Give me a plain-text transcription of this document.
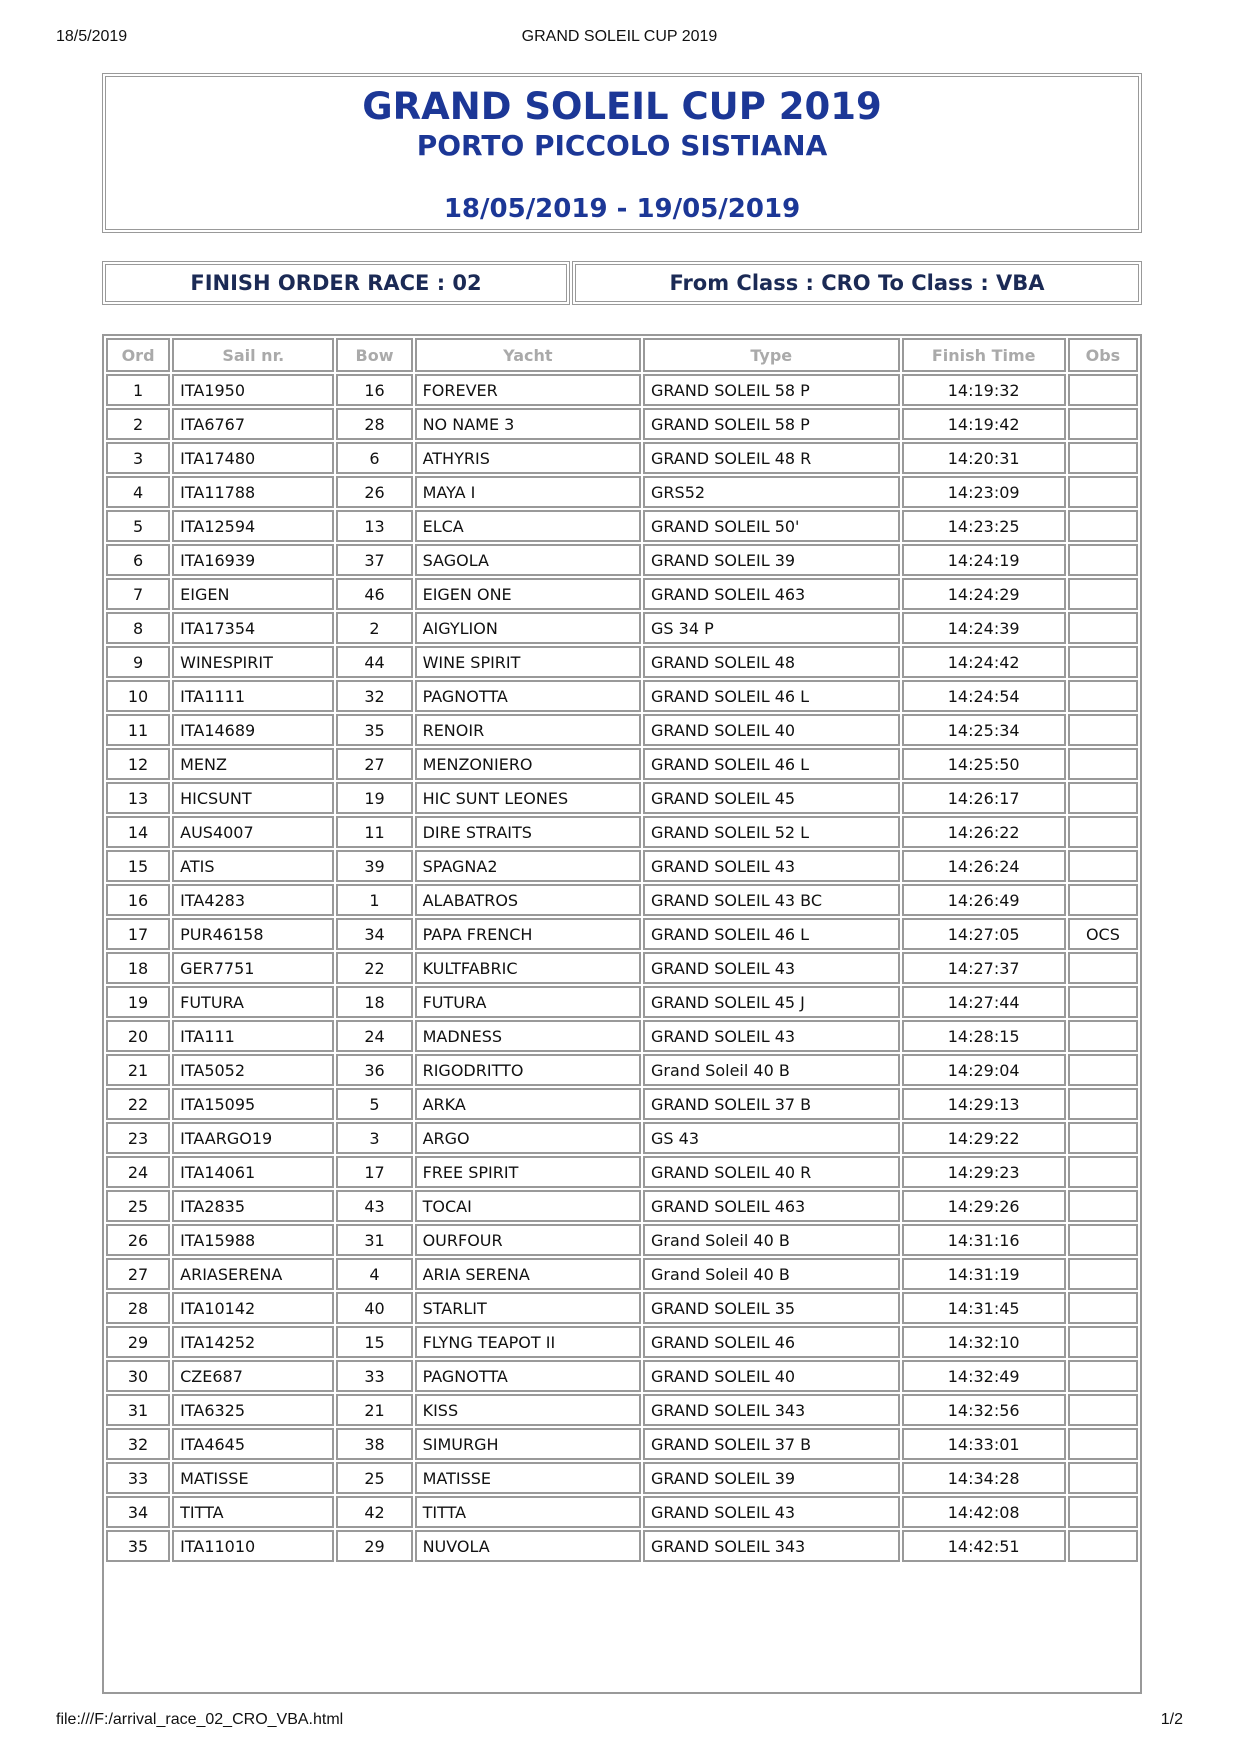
18/5/2019	GRAND SOLEIL CUP 2019
GRAND SOLEIL CUP 2019
PORTO PICCOLO SISTIANA
18/05/2019 - 19/05/2019
FINISH ORDER RACE : 02	From Class : CRO To Class : VBA
Ord	Sail nr.	Bow	Yacht	Type	Finish Time	Obs
1	ITA1950	16	FOREVER	GRAND SOLEIL 58 P	14:19:32	
2	ITA6767	28	NO NAME 3	GRAND SOLEIL 58 P	14:19:42	
3	ITA17480	6	ATHYRIS	GRAND SOLEIL 48 R	14:20:31	
4	ITA11788	26	MAYA I	GRS52	14:23:09	
5	ITA12594	13	ELCA	GRAND SOLEIL 50'	14:23:25	
6	ITA16939	37	SAGOLA	GRAND SOLEIL 39	14:24:19	
7	EIGEN	46	EIGEN ONE	GRAND SOLEIL 463	14:24:29	
8	ITA17354	2	AIGYLION	GS 34 P	14:24:39	
9	WINESPIRIT	44	WINE SPIRIT	GRAND SOLEIL 48	14:24:42	
10	ITA1111	32	PAGNOTTA	GRAND SOLEIL 46 L	14:24:54	
11	ITA14689	35	RENOIR	GRAND SOLEIL 40	14:25:34	
12	MENZ	27	MENZONIERO	GRAND SOLEIL 46 L	14:25:50	
13	HICSUNT	19	HIC SUNT LEONES	GRAND SOLEIL 45	14:26:17	
14	AUS4007	11	DIRE STRAITS	GRAND SOLEIL 52 L	14:26:22	
15	ATIS	39	SPAGNA2	GRAND SOLEIL 43	14:26:24	
16	ITA4283	1	ALABATROS	GRAND SOLEIL 43 BC	14:26:49	
17	PUR46158	34	PAPA FRENCH	GRAND SOLEIL 46 L	14:27:05	OCS
18	GER7751	22	KULTFABRIC	GRAND SOLEIL 43	14:27:37	
19	FUTURA	18	FUTURA	GRAND SOLEIL 45 J	14:27:44	
20	ITA111	24	MADNESS	GRAND SOLEIL 43	14:28:15	
21	ITA5052	36	RIGODRITTO	Grand Soleil 40 B	14:29:04	
22	ITA15095	5	ARKA	GRAND SOLEIL 37 B	14:29:13	
23	ITAARGO19	3	ARGO	GS 43	14:29:22	
24	ITA14061	17	FREE SPIRIT	GRAND SOLEIL 40 R	14:29:23	
25	ITA2835	43	TOCAI	GRAND SOLEIL 463	14:29:26	
26	ITA15988	31	OURFOUR	Grand Soleil 40 B	14:31:16	
27	ARIASERENA	4	ARIA SERENA	Grand Soleil 40 B	14:31:19	
28	ITA10142	40	STARLIT	GRAND SOLEIL 35	14:31:45	
29	ITA14252	15	FLYNG TEAPOT II	GRAND SOLEIL 46	14:32:10	
30	CZE687	33	PAGNOTTA	GRAND SOLEIL 40	14:32:49	
31	ITA6325	21	KISS	GRAND SOLEIL 343	14:32:56	
32	ITA4645	38	SIMURGH	GRAND SOLEIL 37 B	14:33:01	
33	MATISSE	25	MATISSE	GRAND SOLEIL 39	14:34:28	
34	TITTA	42	TITTA	GRAND SOLEIL 43	14:42:08	
35	ITA11010	29	NUVOLA	GRAND SOLEIL 343	14:42:51	
file:///F:/arrival_race_02_CRO_VBA.html	1/2
